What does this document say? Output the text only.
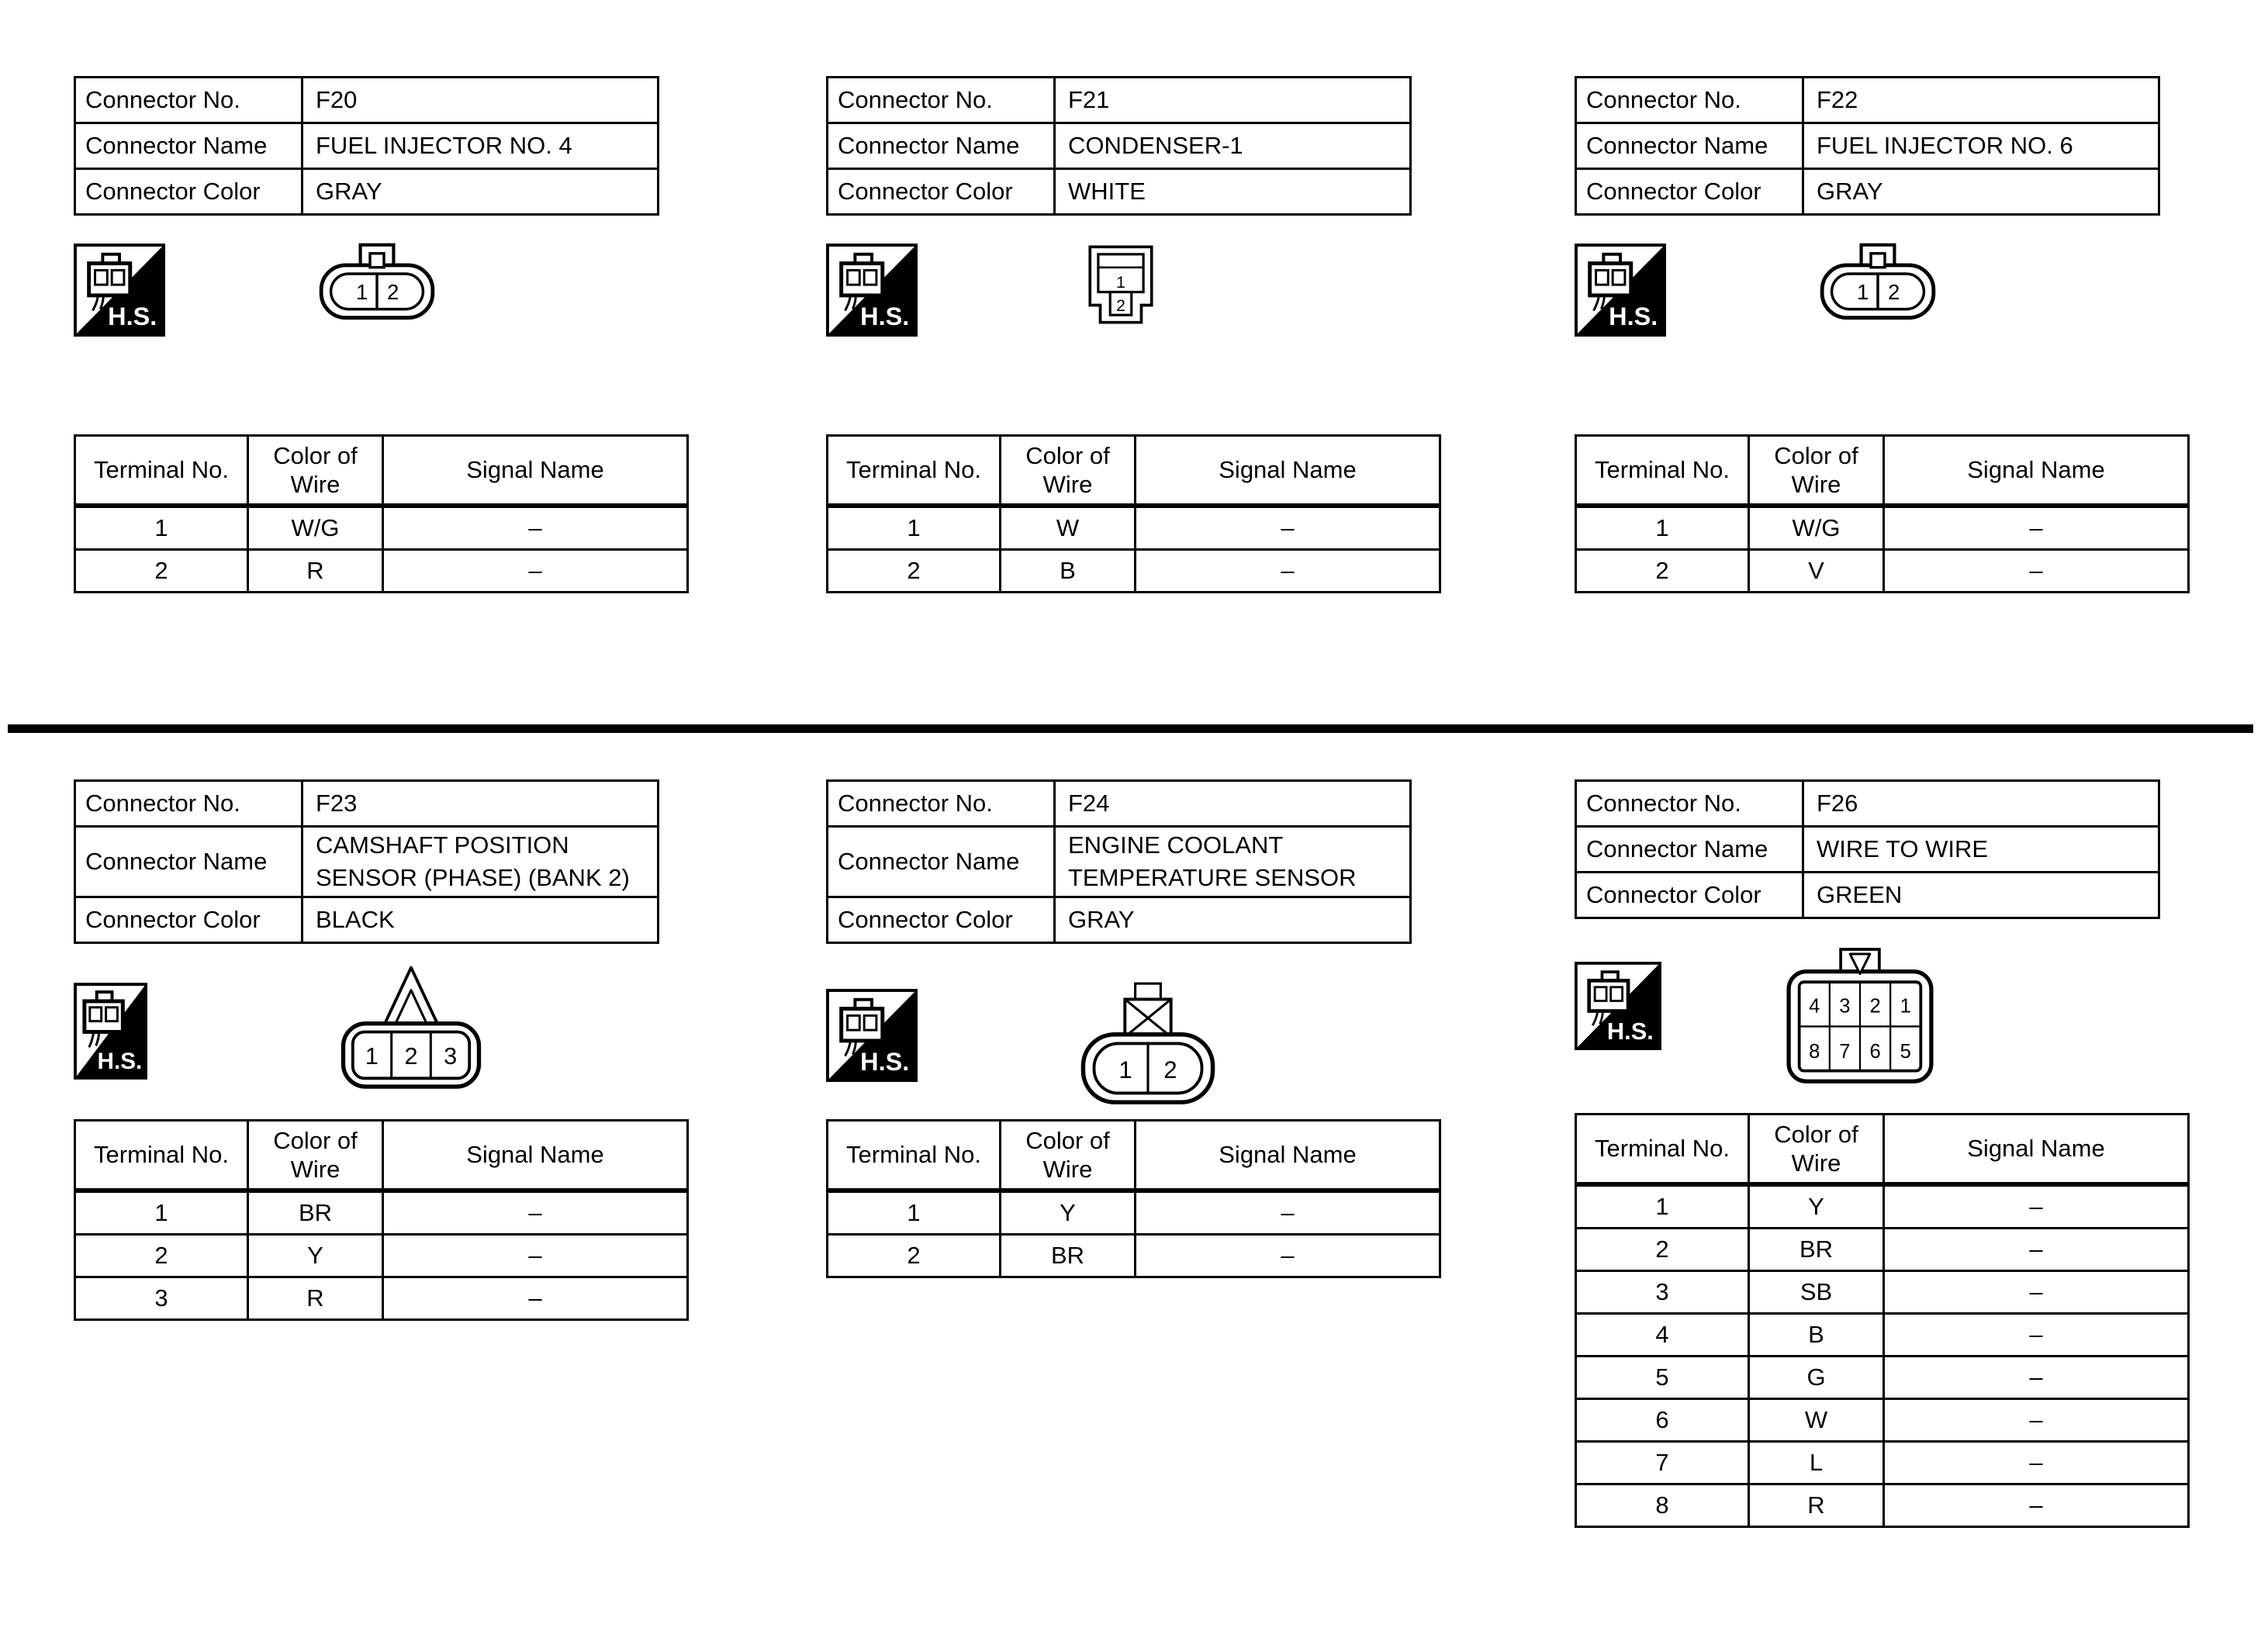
Connector No.	F20
Connector Name	FUEL INJECTOR NO. 4
Connector Color	GRAY
H.S.
1 2
Terminal No.	Color of Wire	Signal Name
1	W/G	–
2	R	–
Connector No.	F21
Connector Name	CONDENSER-1
Connector Color	WHITE
H.S.
1
2
Terminal No.	Color of Wire	Signal Name
1	W	–
2	B	–
Connector No.	F22
Connector Name	FUEL INJECTOR NO. 6
Connector Color	GRAY
H.S.
1 2
Terminal No.	Color of Wire	Signal Name
1	W/G	–
2	V	–
Connector No.	F23
Connector Name	CAMSHAFT POSITION SENSOR (PHASE) (BANK 2)
Connector Color	BLACK
H.S.	1 2 3
Terminal No.	Color of Wire	Signal Name
1	BR	–
2	Y	–
3	R	–
Connector No.	F24
Connector Name	ENGINE COOLANT TEMPERATURE SENSOR
Connector Color	GRAY
H.S.	1 2
Terminal No.	Color of Wire	Signal Name
1	Y	–
2	BR	–
Connector No.	F26
Connector Name	WIRE TO WIRE
Connector Color	GREEN
H.S.
4 3 2 1
8 7 6 5
Terminal No.	Color of Wire	Signal Name
1	Y	–
2	BR	–
3	SB	–
4	B	–
5	G	–
6	W	–
7	L	–
8	R	–
